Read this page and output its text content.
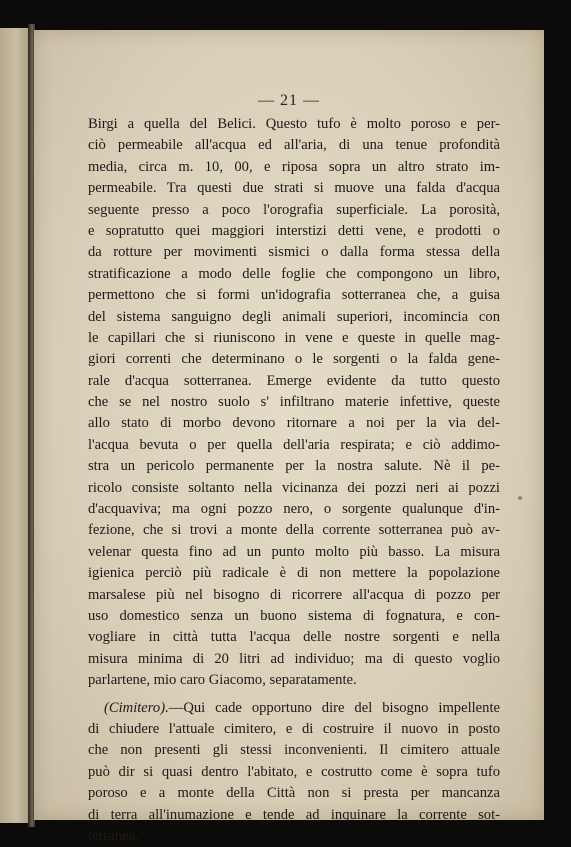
— 21 —
Birgi a quella del Belici. Questo tufo è molto poroso e per-
ciò permeabile all'acqua ed all'aria, di una tenue profondità
media, circa m. 10, 00, e riposa sopra un altro strato im-
permeabile. Tra questi due strati si muove una falda d'acqua
seguente presso a poco l'orografia superficiale. La porosità,
e sopratutto quei maggiori interstizi detti vene, e prodotti o
da rotture per movimenti sismici o dalla forma stessa della
stratificazione a modo delle foglie che compongono un libro,
permettono che si formi un'idografia sotterranea che, a guisa
del sistema sanguigno degli animali superiori, incomincia con
le capillari che si riuniscono in vene e queste in quelle mag-
giori correnti che determinano o le sorgenti o la falda gene-
rale d'acqua sotterranea. Emerge evidente da tutto questo
che se nel nostro suolo s' infiltrano materie infettive, queste
allo stato di morbo devono ritornare a noi per la via del-
l'acqua bevuta o per quella dell'aria respirata; e ciò addimo-
stra un pericolo permanente per la nostra salute. Nè il pe-
ricolo consiste soltanto nella vicinanza dei pozzi neri ai pozzi
d'acquaviva; ma ogni pozzo nero, o sorgente qualunque d'in-
fezione, che si trovi a monte della corrente sotterranea può av-
velenar questa fino ad un punto molto più basso. La misura
igienica perciò più radicale è di non mettere la popolazione
marsalese più nel bisogno di ricorrere all'acqua di pozzo per
uso domestico senza un buono sistema di fognatura, e con-
vogliare in città tutta l'acqua delle nostre sorgenti e nella
misura minima di 20 litri ad individuo; ma di questo voglio
parlartene, mio caro Giacomo, separatamente.
(Cimitero).—Qui cade opportuno dire del bisogno impellente
di chiudere l'attuale cimitero, e di costruire il nuovo in posto
che non presenti gli stessi inconvenienti. Il cimitero attuale
può dir si quasi dentro l'abitato, e costrutto come è sopra tufo
poroso e a monte della Città non si presta per mancanza
di terra all'inumazione e tende ad inquinare la corrente sot-
terranea.
